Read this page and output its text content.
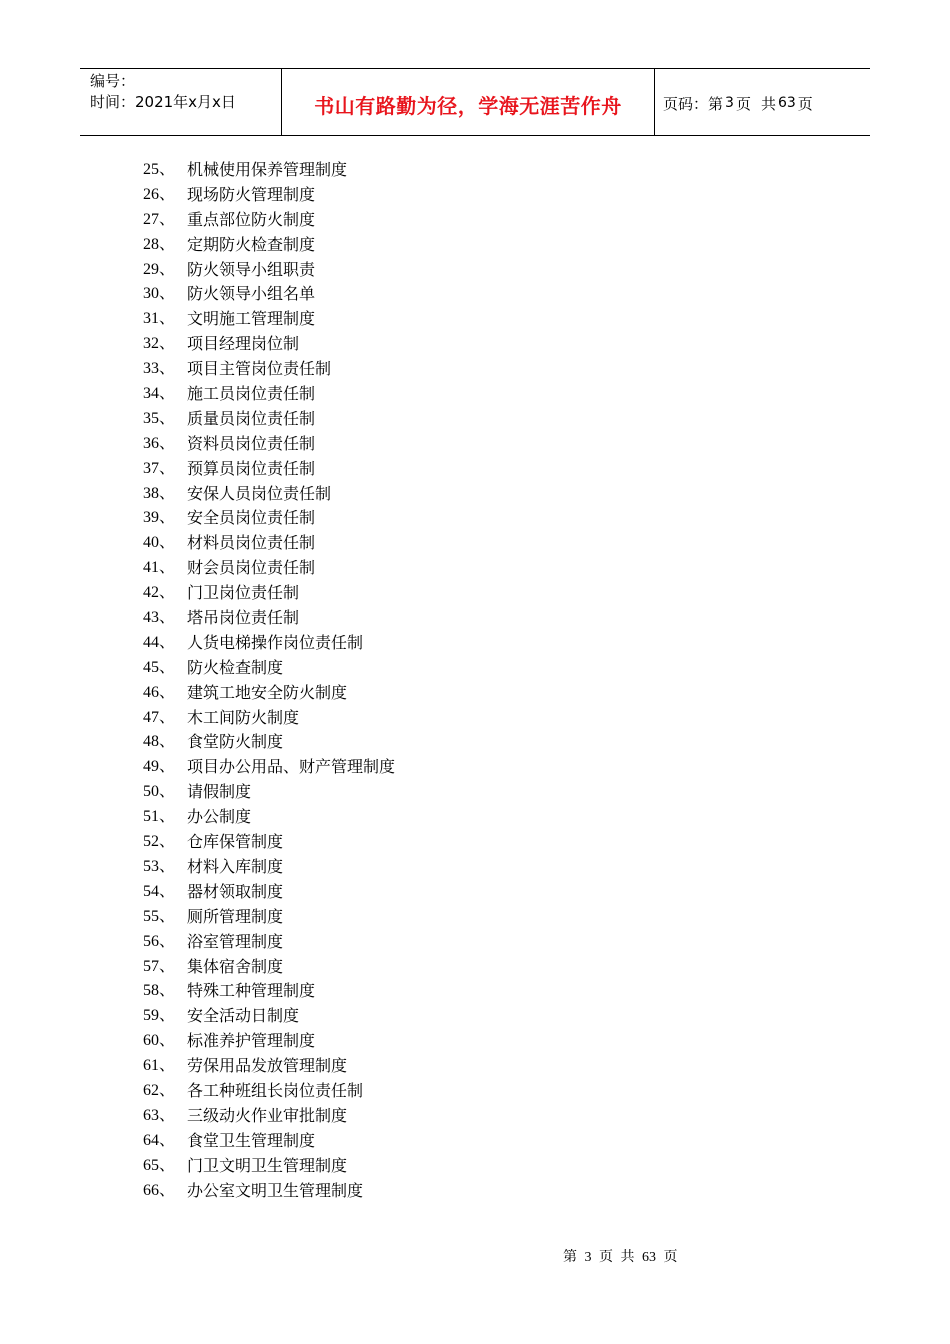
编号：
时间：2021年x月x日	书山有路勤为径，学海无涯苦作舟	页码：第 3 页 共 63 页
25、 机械使用保养管理制度
26、 现场防火管理制度
27、 重点部位防火制度
28、 定期防火检查制度
29、 防火领导小组职责
30、 防火领导小组名单
31、 文明施工管理制度
32、 项目经理岗位制
33、 项目主管岗位责任制
34、 施工员岗位责任制
35、 质量员岗位责任制
36、 资料员岗位责任制
37、 预算员岗位责任制
38、 安保人员岗位责任制
39、 安全员岗位责任制
40、 材料员岗位责任制
41、 财会员岗位责任制
42、 门卫岗位责任制
43、 塔吊岗位责任制
44、 人货电梯操作岗位责任制
45、 防火检查制度
46、 建筑工地安全防火制度
47、 木工间防火制度
48、 食堂防火制度
49、 项目办公用品、财产管理制度
50、 请假制度
51、 办公制度
52、 仓库保管制度
53、 材料入库制度
54、 器材领取制度
55、 厕所管理制度
56、 浴室管理制度
57、 集体宿舍制度
58、 特殊工种管理制度
59、 安全活动日制度
60、 标准养护管理制度
61、 劳保用品发放管理制度
62、 各工种班组长岗位责任制
63、 三级动火作业审批制度
64、 食堂卫生管理制度
65、 门卫文明卫生管理制度
66、 办公室文明卫生管理制度
第 3 页 共 63 页
